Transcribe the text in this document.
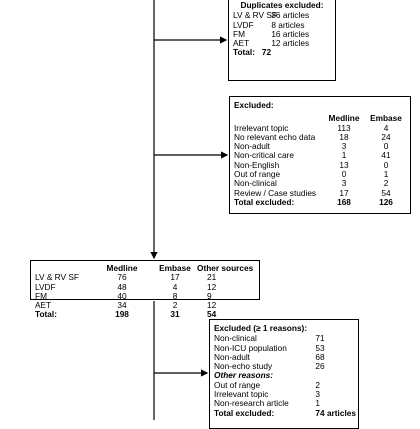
Duplicates excluded:
LV & RV SF 36 articles
LVDF 8 articles
FM	16 articles
AET	12 articles
Total: 72
Excluded:
	Medline	Embase
Irrelevant topic	113	4
No relevant echo data	18	24
Non-adult	3	0
Non-critical care	1	41
Non-English	13	0
Out of range	0	1
Non-clinical	3	2
Review / Case studies	17	54
Total excluded:	168	126
	Medline	Embase	Other sources
LV & RV SF	76	17	21
LVDF	48	4	12
FM	40	8	9
AET	34	2	12
Total:	198	31	54
Excluded (≥ 1 reasons):
Non-clinical	71
Non-ICU population	53
Non-adult	68
Non-echo study	26
Other reasons:	
Out of range	2
Irrelevant topic	3
Non-research article	1
Total excluded:	74 articles
